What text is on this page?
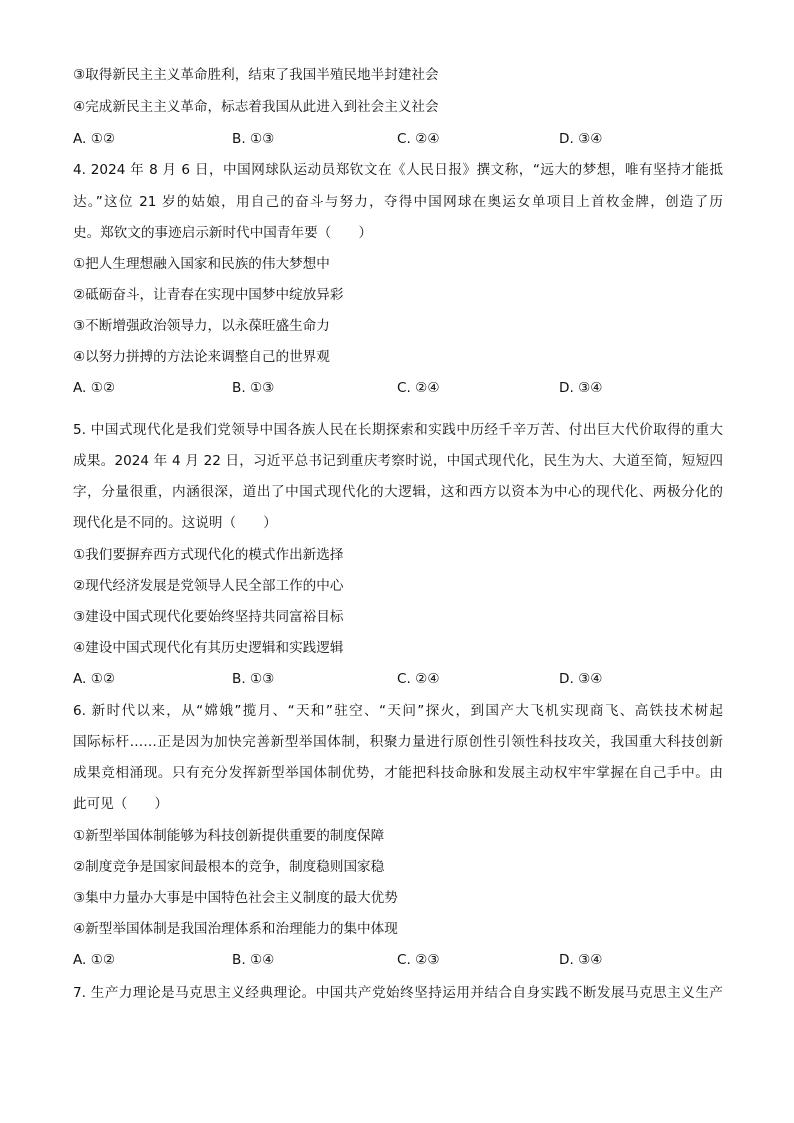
③取得新民主主义革命胜利，结束了我国半殖民地半封建社会
④完成新民主主义革命，标志着我国从此进入到社会主义社会
A. ①②	B. ①③	C. ②④	D. ③④
4. 2024 年 8 月 6 日，中国网球队运动员郑钦文在《人民日报》撰文称，“远大的梦想，唯有坚持才能抵
达。”这位 21 岁的姑娘，用自己的奋斗与努力，夺得中国网球在奥运女单项目上首枚金牌，创造了历
史。郑钦文的事迹启示新时代中国青年要（　　）
①把人生理想融入国家和民族的伟大梦想中
②砥砺奋斗，让青春在实现中国梦中绽放异彩
③不断增强政治领导力，以永葆旺盛生命力
④以努力拼搏的方法论来调整自己的世界观
A. ①②	B. ①③	C. ②④	D. ③④
5. 中国式现代化是我们党领导中国各族人民在长期探索和实践中历经千辛万苦、付出巨大代价取得的重大
成果。2024 年 4 月 22 日，习近平总书记到重庆考察时说，中国式现代化，民生为大、大道至简，短短四
字，分量很重，内涵很深，道出了中国式现代化的大逻辑，这和西方以资本为中心的现代化、两极分化的
现代化是不同的。这说明（　　）
①我们要摒弃西方式现代化的模式作出新选择
②现代经济发展是党领导人民全部工作的中心
③建设中国式现代化要始终坚持共同富裕目标
④建设中国式现代化有其历史逻辑和实践逻辑
A. ①②	B. ①③	C. ②④	D. ③④
6. 新时代以来，从“嫦娥”揽月、“天和”驻空、“天问”探火，到国产大飞机实现商飞、高铁技术树起
国际标杆……正是因为加快完善新型举国体制，积聚力量进行原创性引领性科技攻关，我国重大科技创新
成果竞相涌现。只有充分发挥新型举国体制优势，才能把科技命脉和发展主动权牢牢掌握在自己手中。由
此可见（　　）
①新型举国体制能够为科技创新提供重要的制度保障
②制度竞争是国家间最根本的竞争，制度稳则国家稳
③集中力量办大事是中国特色社会主义制度的最大优势
④新型举国体制是我国治理体系和治理能力的集中体现
A. ①②	B. ①④	C. ②③	D. ③④
7. 生产力理论是马克思主义经典理论。中国共产党始终坚持运用并结合自身实践不断发展马克思主义生产
